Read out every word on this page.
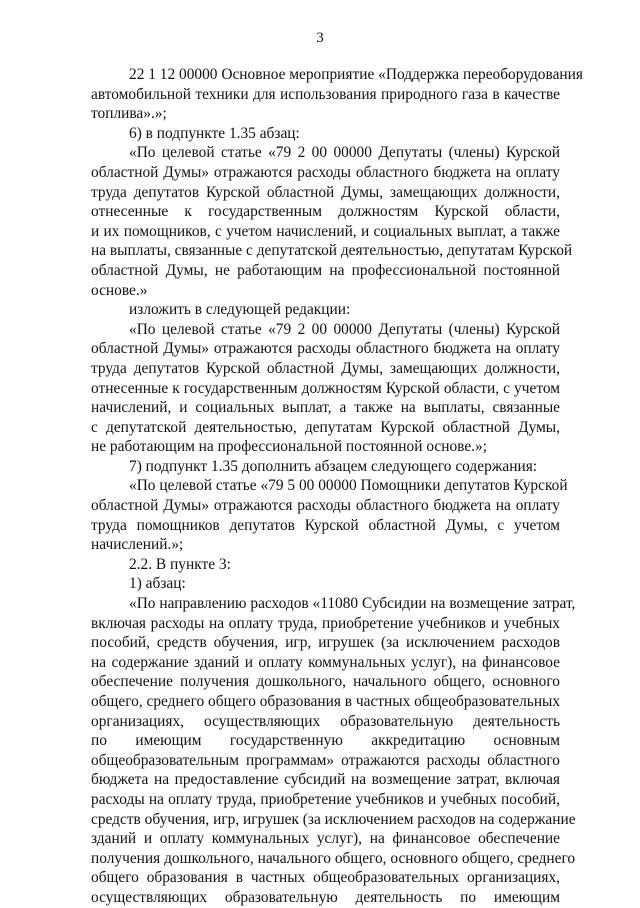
3
22 1 12 00000 Основное мероприятие «Поддержка переоборудования
автомобильной техники для использования природного газа в качестве
топлива».»;
6) в подпункте 1.35 абзац:
«По целевой статье «79 2 00 00000 Депутаты (члены) Курской
областной Думы» отражаются расходы областного бюджета на оплату
труда депутатов Курской областной Думы, замещающих должности,
отнесенные к государственным должностям Курской области,
и их помощников, с учетом начислений, и социальных выплат, а также
на выплаты, связанные с депутатской деятельностью, депутатам Курской
областной Думы, не работающим на профессиональной постоянной
основе.»
изложить в следующей редакции:
«По целевой статье «79 2 00 00000 Депутаты (члены) Курской
областной Думы» отражаются расходы областного бюджета на оплату
труда депутатов Курской областной Думы, замещающих должности,
отнесенные к государственным должностям Курской области, с учетом
начислений, и социальных выплат, а также на выплаты, связанные
с депутатской деятельностью, депутатам Курской областной Думы,
не работающим на профессиональной постоянной основе.»;
7) подпункт 1.35 дополнить абзацем следующего содержания:
«По целевой статье «79 5 00 00000 Помощники депутатов Курской
областной Думы» отражаются расходы областного бюджета на оплату
труда помощников депутатов Курской областной Думы, с учетом
начислений.»;
2.2. В пункте 3:
1) абзац:
«По направлению расходов «11080 Субсидии на возмещение затрат,
включая расходы на оплату труда, приобретение учебников и учебных
пособий, средств обучения, игр, игрушек (за исключением расходов
на содержание зданий и оплату коммунальных услуг), на финансовое
обеспечение получения дошкольного, начального общего, основного
общего, среднего общего образования в частных общеобразовательных
организациях, осуществляющих образовательную деятельность
по имеющим государственную аккредитацию основным
общеобразовательным программам» отражаются расходы областного
бюджета на предоставление субсидий на возмещение затрат, включая
расходы на оплату труда, приобретение учебников и учебных пособий,
средств обучения, игр, игрушек (за исключением расходов на содержание
зданий и оплату коммунальных услуг), на финансовое обеспечение
получения дошкольного, начального общего, основного общего, среднего
общего образования в частных общеобразовательных организациях,
осуществляющих образовательную деятельность по имеющим
